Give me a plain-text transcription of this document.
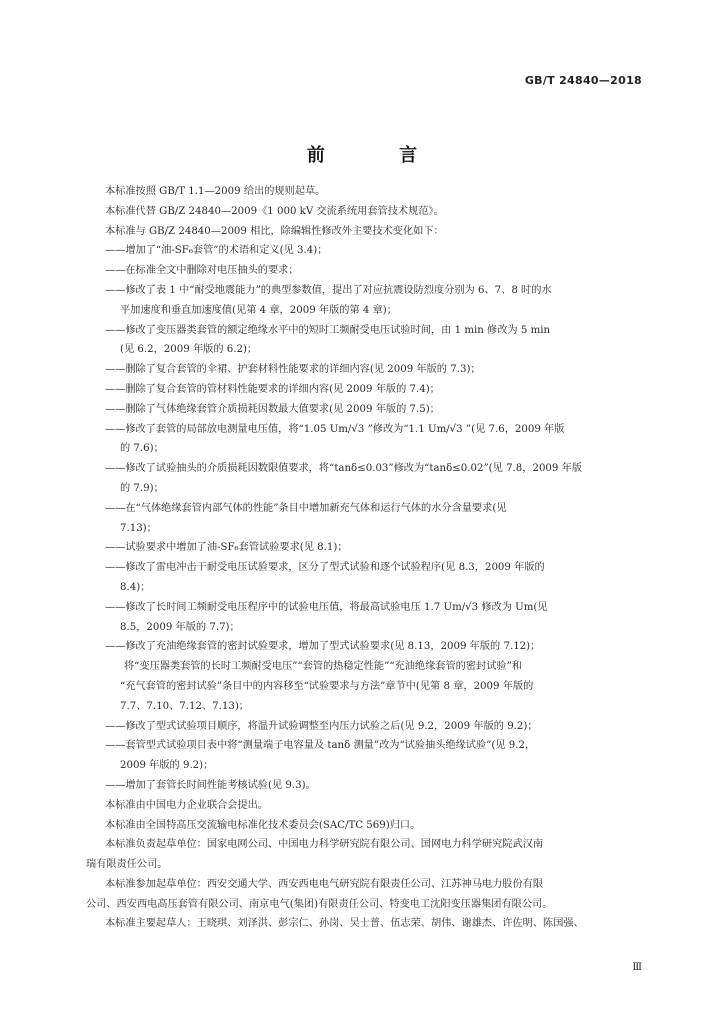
GB/T 24840—2018
前 言
本标准按照 GB/T 1.1—2009 给出的规则起草。
本标准代替 GB/Z 24840—2009《1 000 kV 交流系统用套管技术规范》。
本标准与 GB/Z 24840—2009 相比，除编辑性修改外主要技术变化如下：
——增加了“油-SF₆套管”的术语和定义(见 3.4)；
——在标准全文中删除对电压抽头的要求；
——修改了表 1 中“耐受地震能力”的典型参数值，提出了对应抗震设防烈度分别为 6、7、8 时的水
平加速度和垂直加速度值(见第 4 章，2009 年版的第 4 章)；
——修改了变压器类套管的额定绝缘水平中的短时工频耐受电压试验时间，由 1 min 修改为 5 min
(见 6.2，2009 年版的 6.2)；
——删除了复合套管的伞裙、护套材料性能要求的详细内容(见 2009 年版的 7.3)；
——删除了复合套管的管材料性能要求的详细内容(见 2009 年版的 7.4)；
——删除了气体绝缘套管介质损耗因数最大值要求(见 2009 年版的 7.5)；
——修改了套管的局部放电测量电压值，将“1.05 Um/√3 ”修改为“1.1 Um/√3 ”(见 7.6，2009 年版
的 7.6)；
——修改了试验抽头的介质损耗因数限值要求，将“tanδ≤0.03”修改为“tanδ≤0.02”(见 7.8，2009 年版
的 7.9)；
——在“气体绝缘套管内部气体的性能”条目中增加新充气体和运行气体的水分含量要求(见
7.13)；
——试验要求中增加了油-SF₆套管试验要求(见 8.1)；
——修改了雷电冲击干耐受电压试验要求，区分了型式试验和逐个试验程序(见 8.3，2009 年版的
8.4)；
——修改了长时间工频耐受电压程序中的试验电压值，将最高试验电压 1.7 Um/√3 修改为 Um(见
8.5，2009 年版的 7.7)；
——修改了充油绝缘套管的密封试验要求，增加了型式试验要求(见 8.13，2009 年版的 7.12)；
将“变压器类套管的长时工频耐受电压”“套管的热稳定性能”“充油绝缘套管的密封试验”和
“充气套管的密封试验”条目中的内容移至“试验要求与方法”章节中(见第 8 章，2009 年版的
7.7、7.10、7.12、7.13)；
——修改了型式试验项目顺序，将温升试验调整至内压力试验之后(见 9.2，2009 年版的 9.2)；
——套管型式试验项目表中将“测量端子电容量及 tanδ 测量”改为“试验抽头绝缘试验”(见 9.2，
2009 年版的 9.2)；
——增加了套管长时间性能考核试验(见 9.3)。
本标准由中国电力企业联合会提出。
本标准由全国特高压交流输电标准化技术委员会(SAC/TC 569)归口。
本标准负责起草单位：国家电网公司、中国电力科学研究院有限公司、国网电力科学研究院武汉南
瑞有限责任公司。
本标准参加起草单位：西安交通大学、西安西电电气研究院有限责任公司、江苏神马电力股份有限
公司、西安西电高压套管有限公司、南京电气(集团)有限责任公司、特变电工沈阳变压器集团有限公司。
本标准主要起草人：王晓琪、刘泽洪、彭宗仁、孙岗、吴士普、伍志荣、胡伟、谢雄杰、许佐明、陈国强、
Ⅲ
